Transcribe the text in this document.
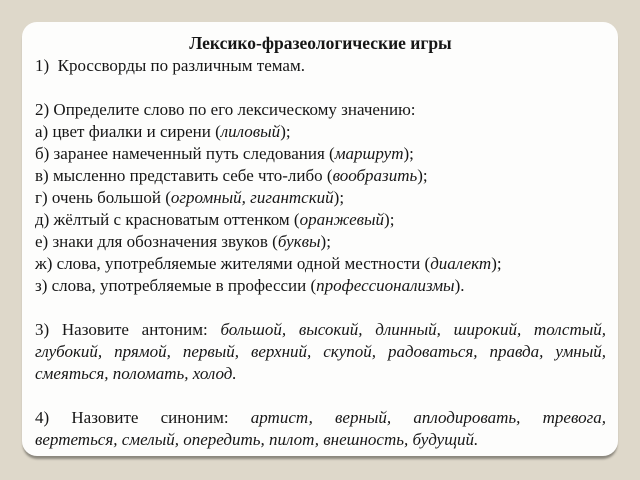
Лексико-фразеологические игры
1)  Кроссворды по различным темам.
2) Определите слово по его лексическому значению:
а) цвет фиалки и сирени (лиловый);
б) заранее намеченный путь следования (маршрут);
в) мысленно представить себе что-либо (вообразить);
г) очень большой (огромный, гигантский);
д) жёлтый с красноватым оттенком (оранжевый);
е) знаки для обозначения звуков (буквы);
ж) слова, употребляемые жителями одной местности (диалект);
з) слова, употребляемые в профессии (профессионализмы).
3) Назовите антоним: большой, высокий, длинный, широкий, толстый,
глубокий, прямой, первый, верхний, скупой, радоваться, правда, умный,
смеяться, поломать, холод.
4) Назовите синоним: артист, верный, аплодировать, тревога,
вертеться, смелый, опередить, пилот, внешность, будущий.
